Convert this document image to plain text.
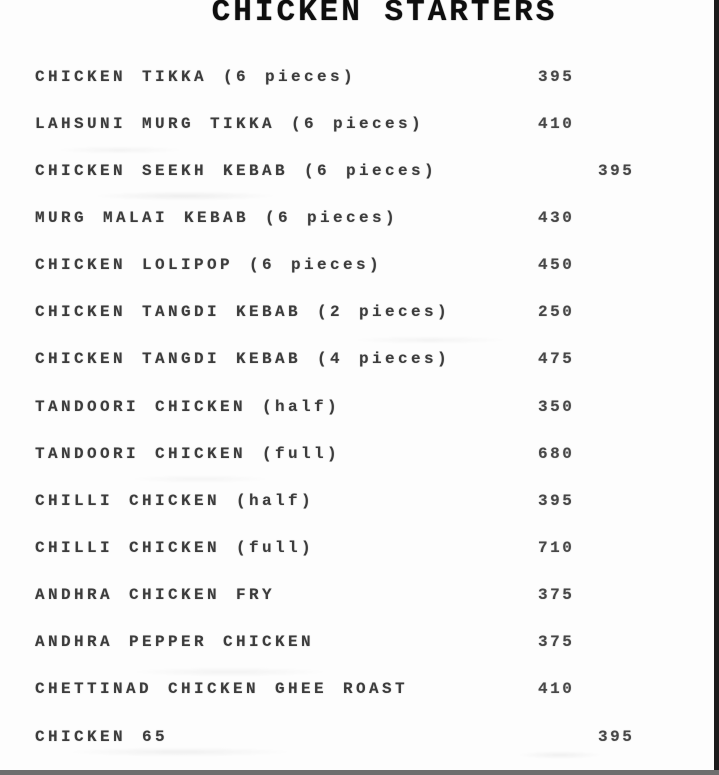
CHICKEN STARTERS
CHICKEN TIKKA (6 pieces)	395
LAHSUNI MURG TIKKA (6 pieces)	410
CHICKEN SEEKH KEBAB (6 pieces)	395
MURG MALAI KEBAB (6 pieces)	430
CHICKEN LOLIPOP (6 pieces)	450
CHICKEN TANGDI KEBAB (2 pieces)	250
CHICKEN TANGDI KEBAB (4 pieces)	475
TANDOORI CHICKEN (half)	350
TANDOORI CHICKEN (full)	680
CHILLI CHICKEN (half)	395
CHILLI CHICKEN (full)	710
ANDHRA CHICKEN FRY	375
ANDHRA PEPPER CHICKEN	375
CHETTINAD CHICKEN GHEE ROAST	410
CHICKEN 65	395
